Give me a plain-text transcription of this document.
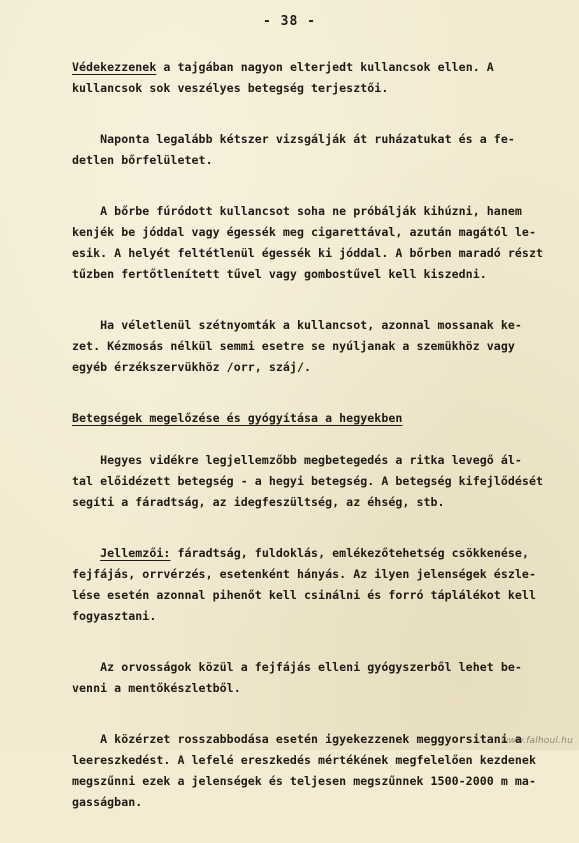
- 38 -

Védekezzenek a tajgában nagyon elterjedt kullancsok ellen. A
kullancsok sok veszélyes betegség terjesztői.

Naponta legalább kétszer vizsgálják át ruházatukat és a fe-
detlen bőrfelületet.

A bőrbe fúródott kullancsot soha ne próbálják kihúzni, hanem
kenjék be jóddal vagy égessék meg cigarettával, azután magától le-
esik. A helyét feltétlenül égessék ki jóddal. A bőrben maradó részt
tűzben fertőtlenített tűvel vagy gombostűvel kell kiszedni.

Ha véletlenül szétnyomták a kullancsot, azonnal mossanak ke-
zet. Kézmosás nélkül semmi esetre se nyúljanak a szemükhöz vagy
egyéb érzékszervükhöz /orr, száj/.

Betegségek megelőzése és gyógyítása a hegyekben

Hegyes vidékre legjellemzőbb megbetegedés a ritka levegő ál-
tal előidézett betegség - a hegyi betegség. A betegség kifejlődését
segíti a fáradtság, az idegfeszültség, az éhség, stb.

Jellemzői: fáradtság, fuldoklás, emlékezőtehetség csökkenése,
fejfájás, orrvérzés, esetenként hányás. Az ilyen jelenségek észle-
lése esetén azonnal pihenőt kell csinálni és forró táplálékot kell
fogyasztani.

Az orvosságok közül a fejfájás elleni gyógyszerből lehet be-
venni a mentőkészletből.

A közérzet rosszabbodása esetén igyekezzenek meggyorsitani a
leereszkedést. A lefelé ereszkedés mértékének megfelelően kezdenek
megszűnni ezek a jelenségek és teljesen megszűnnek 1500-2000 m ma-
gasságban.

www.falhoul.hu
